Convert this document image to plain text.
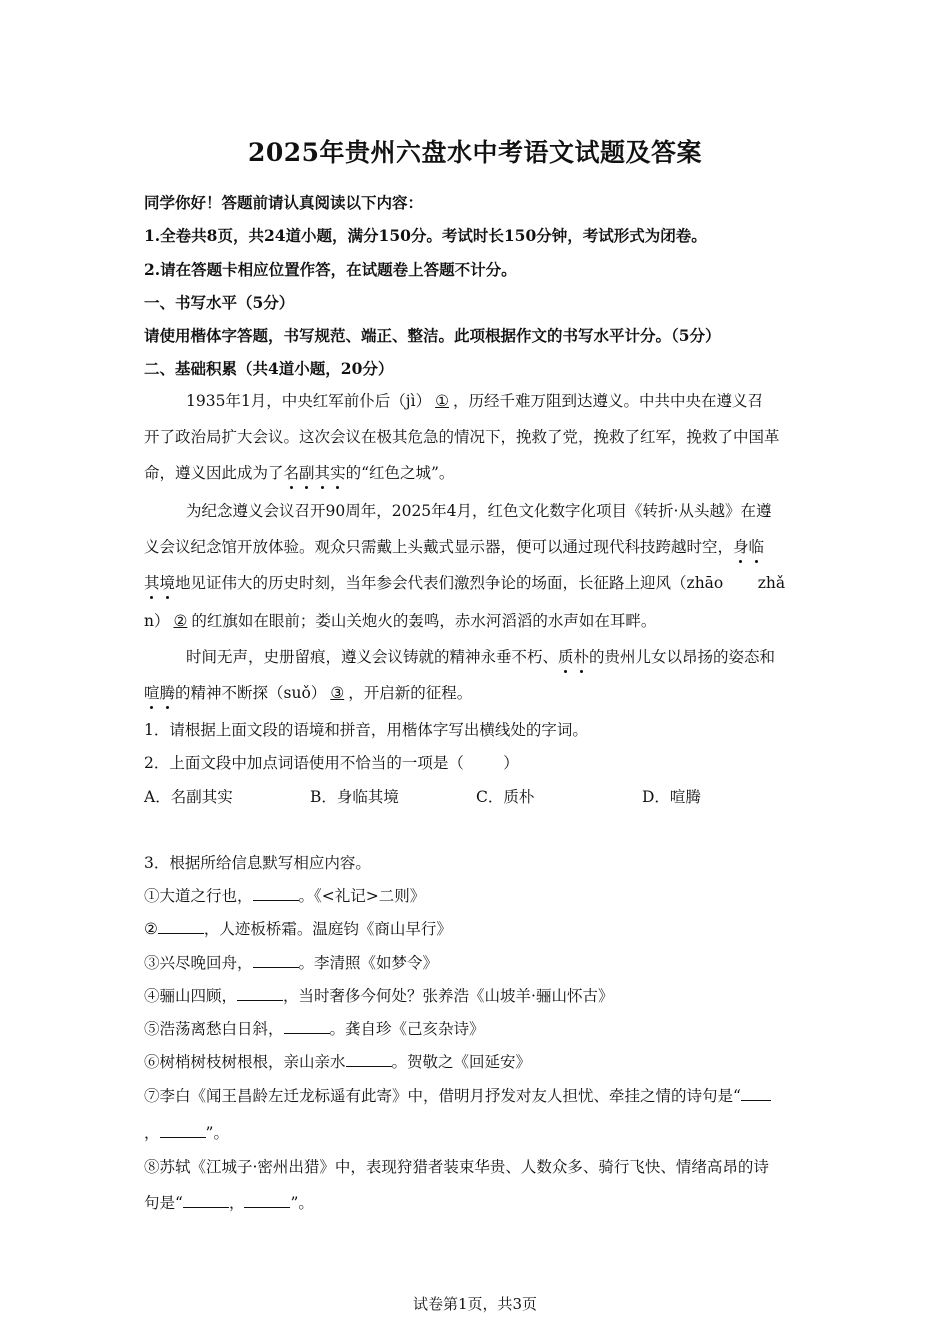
2025年贵州六盘水中考语文试题及答案
同学你好！答题前请认真阅读以下内容：
1.全卷共8页，共24道小题，满分150分。考试时长150分钟，考试形式为闭卷。
2.请在答题卡相应位置作答，在试题卷上答题不计分。
一、书写水平（5分）
请使用楷体字答题，书写规范、端正、整洁。此项根据作文的书写水平计分。（5分）
二、基础积累（共4道小题，20分）
1935年1月，中央红军前仆后（jì） ① ，历经千难万阻到达遵义。中共中央在遵义召
开了政治局扩大会议。这次会议在极其危急的情况下，挽救了党，挽救了红军，挽救了中国革
命，遵义因此成为了名副其实的“红色之城”。
为纪念遵义会议召开90周年，2025年4月，红色文化数字化项目《转折·从头越》在遵
义会议纪念馆开放体验。观众只需戴上头戴式显示器，便可以通过现代科技跨越时空，身临
其境地见证伟大的历史时刻，当年参会代表们激烈争论的场面，长征路上迎风（zhāo       zhǎ
n） ② 的红旗如在眼前；娄山关炮火的轰鸣，赤水河滔滔的水声如在耳畔。
时间无声，史册留痕，遵义会议铸就的精神永垂不朽、质朴的贵州儿女以昂扬的姿态和
喧腾的精神不断探（suǒ） ③ ，开启新的征程。
1．请根据上面文段的语境和拼音，用楷体字写出横线处的字词。
2．上面文段中加点词语使用不恰当的一项是（        ）
A．名副其实	B．身临其境	C．质朴	D．喧腾
3．根据所给信息默写相应内容。
①大道之行也，	。《<礼记>二则》
②	，人迹板桥霜。温庭钧《商山早行》
③兴尽晚回舟，	。李清照《如梦令》
④骊山四顾，	，当时奢侈今何处？张养浩《山坡羊·骊山怀古》
⑤浩荡离愁白日斜，	。龚自珍《己亥杂诗》
⑥树梢树枝树根根，亲山亲水	。贺敬之《回延安》
⑦李白《闻王昌龄左迁龙标遥有此寄》中，借明月抒发对友人担忧、牵挂之情的诗句是“
，	”。
⑧苏轼《江城子·密州出猎》中，表现狩猎者装束华贵、人数众多、骑行飞快、情绪高昂的诗
句是“	，	”。
试卷第1页，共3页
